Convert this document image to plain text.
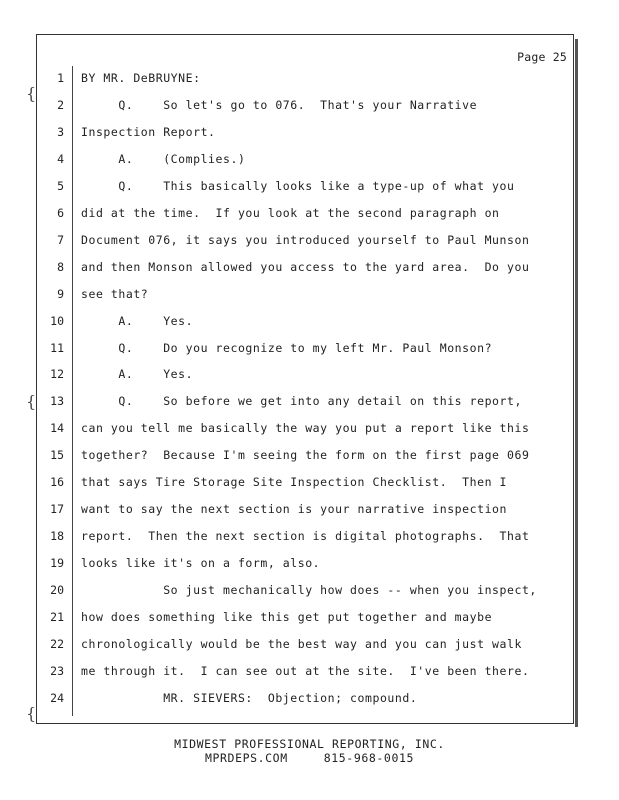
Page 25
{
{
{
1 BY MR. DeBRUYNE:
2 Q.    So let's go to 076.  That's your Narrative
3 Inspection Report.
4 A.    (Complies.)
5 Q.    This basically looks like a type-up of what you
6 did at the time.  If you look at the second paragraph on
7 Document 076, it says you introduced yourself to Paul Munson
8 and then Monson allowed you access to the yard area.  Do you
9 see that?
10 A.    Yes.
11 Q.    Do you recognize to my left Mr. Paul Monson?
12 A.    Yes.
13 Q.    So before we get into any detail on this report,
14 can you tell me basically the way you put a report like this
15 together?  Because I'm seeing the form on the first page 069
16 that says Tire Storage Site Inspection Checklist.  Then I
17 want to say the next section is your narrative inspection
18 report.  Then the next section is digital photographs.  That
19 looks like it's on a form, also.
20 So just mechanically how does -- when you inspect,
21 how does something like this get put together and maybe
22 chronologically would be the best way and you can just walk
23 me through it.  I can see out at the site.  I've been there.
24 MR. SIEVERS:  Objection; compound.
MIDWEST PROFESSIONAL REPORTING, INC.
MPRDEPS.COM	815-968-0015
